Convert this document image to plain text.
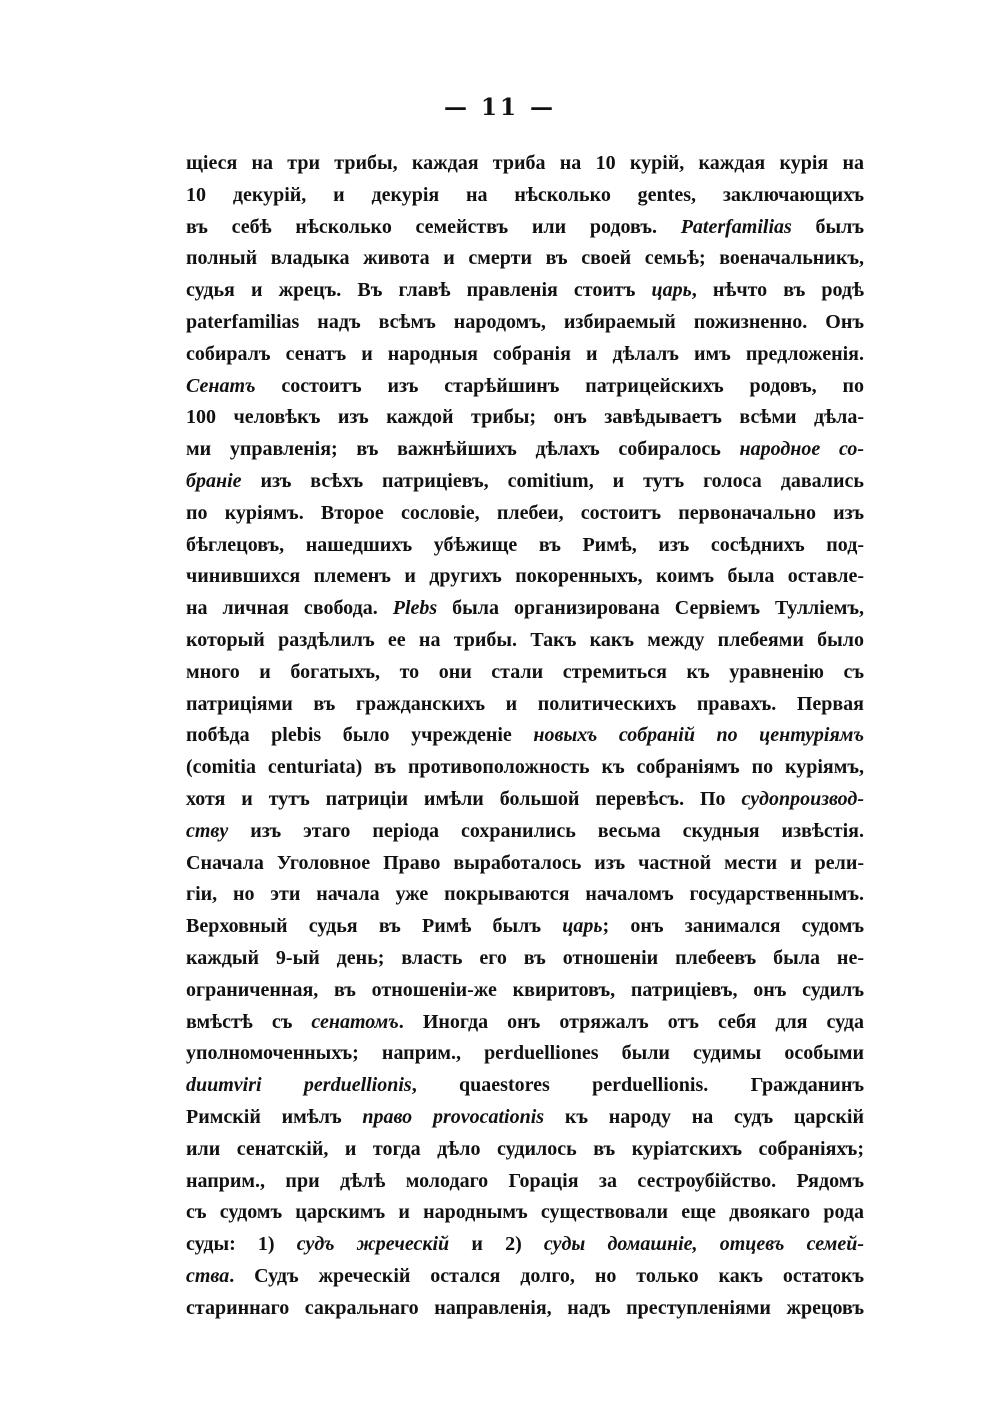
— 11 —
щіеся на три трибы, каждая триба на 10 курій, каждая курія на
10 декурій, и декурія на нѣсколько gentes, заключающихъ
въ себѣ нѣсколько семействъ или родовъ. Paterfamilias былъ
полный владыка живота и смерти въ своей семьѣ; военачальникъ,
судья и жрецъ. Въ главѣ правленія стоитъ царь, нѣчто въ родѣ
paterfamilias надъ всѣмъ народомъ, избираемый пожизненно. Онъ
собиралъ сенатъ и народныя собранія и дѣлалъ имъ предложенія.
Сенатъ состоитъ изъ старѣйшинъ патрицейскихъ родовъ, по
100 человѣкъ изъ каждой трибы; онъ завѣдываетъ всѣми дѣла-
ми управленія; въ важнѣйшихъ дѣлахъ собиралось народное со-
браніе изъ всѣхъ патриціевъ, comitium, и тутъ голоса давались
по куріямъ. Второе сословіе, плебеи, состоитъ первоначально изъ
бѣглецовъ, нашедшихъ убѣжище въ Римѣ, изъ сосѣднихъ под-
чинившихся племенъ и другихъ покоренныхъ, коимъ была оставле-
на личная свобода. Plebs была организирована Сервіемъ Тулліемъ,
который раздѣлилъ ее на трибы. Такъ какъ между плебеями было
много и богатыхъ, то они стали стремиться къ уравненію съ
патриціями въ гражданскихъ и политическихъ правахъ. Первая
побѣда plebis было учрежденіе новыхъ собраній по центуріямъ
(comitia centuriata) въ противоположность къ собраніямъ по куріямъ,
хотя и тутъ патриціи имѣли большой перевѣсъ. По судопроизвод-
ству изъ этаго періода сохранились весьма скудныя извѣстія.
Сначала Уголовное Право выработалось изъ частной мести и рели-
гіи, но эти начала уже покрываются началомъ государственнымъ.
Верховный судья въ Римѣ былъ царь; онъ занимался судомъ
каждый 9-ый день; власть его въ отношеніи плебеевъ была не-
ограниченная, въ отношеніи-же квиритовъ, патриціевъ, онъ судилъ
вмѣстѣ съ сенатомъ. Иногда онъ отряжалъ отъ себя для суда
уполномоченныхъ; наприм., perduelliones были судимы особыми
duumviri perduellionis, quaestores perduellionis. Гражданинъ
Римскій имѣлъ право provocationis къ народу на судъ царскій
или сенатскій, и тогда дѣло судилось въ куріатскихъ собраніяхъ;
наприм., при дѣлѣ молодаго Горація за сестроубійство. Рядомъ
съ судомъ царскимъ и народнымъ существовали еще двоякаго рода
суды: 1) судъ жреческій и 2) суды домашніе, отцевъ семей-
ства. Судъ жреческій остался долго, но только какъ остатокъ
стариннаго сакральнаго направленія, надъ преступленіями жрецовъ
